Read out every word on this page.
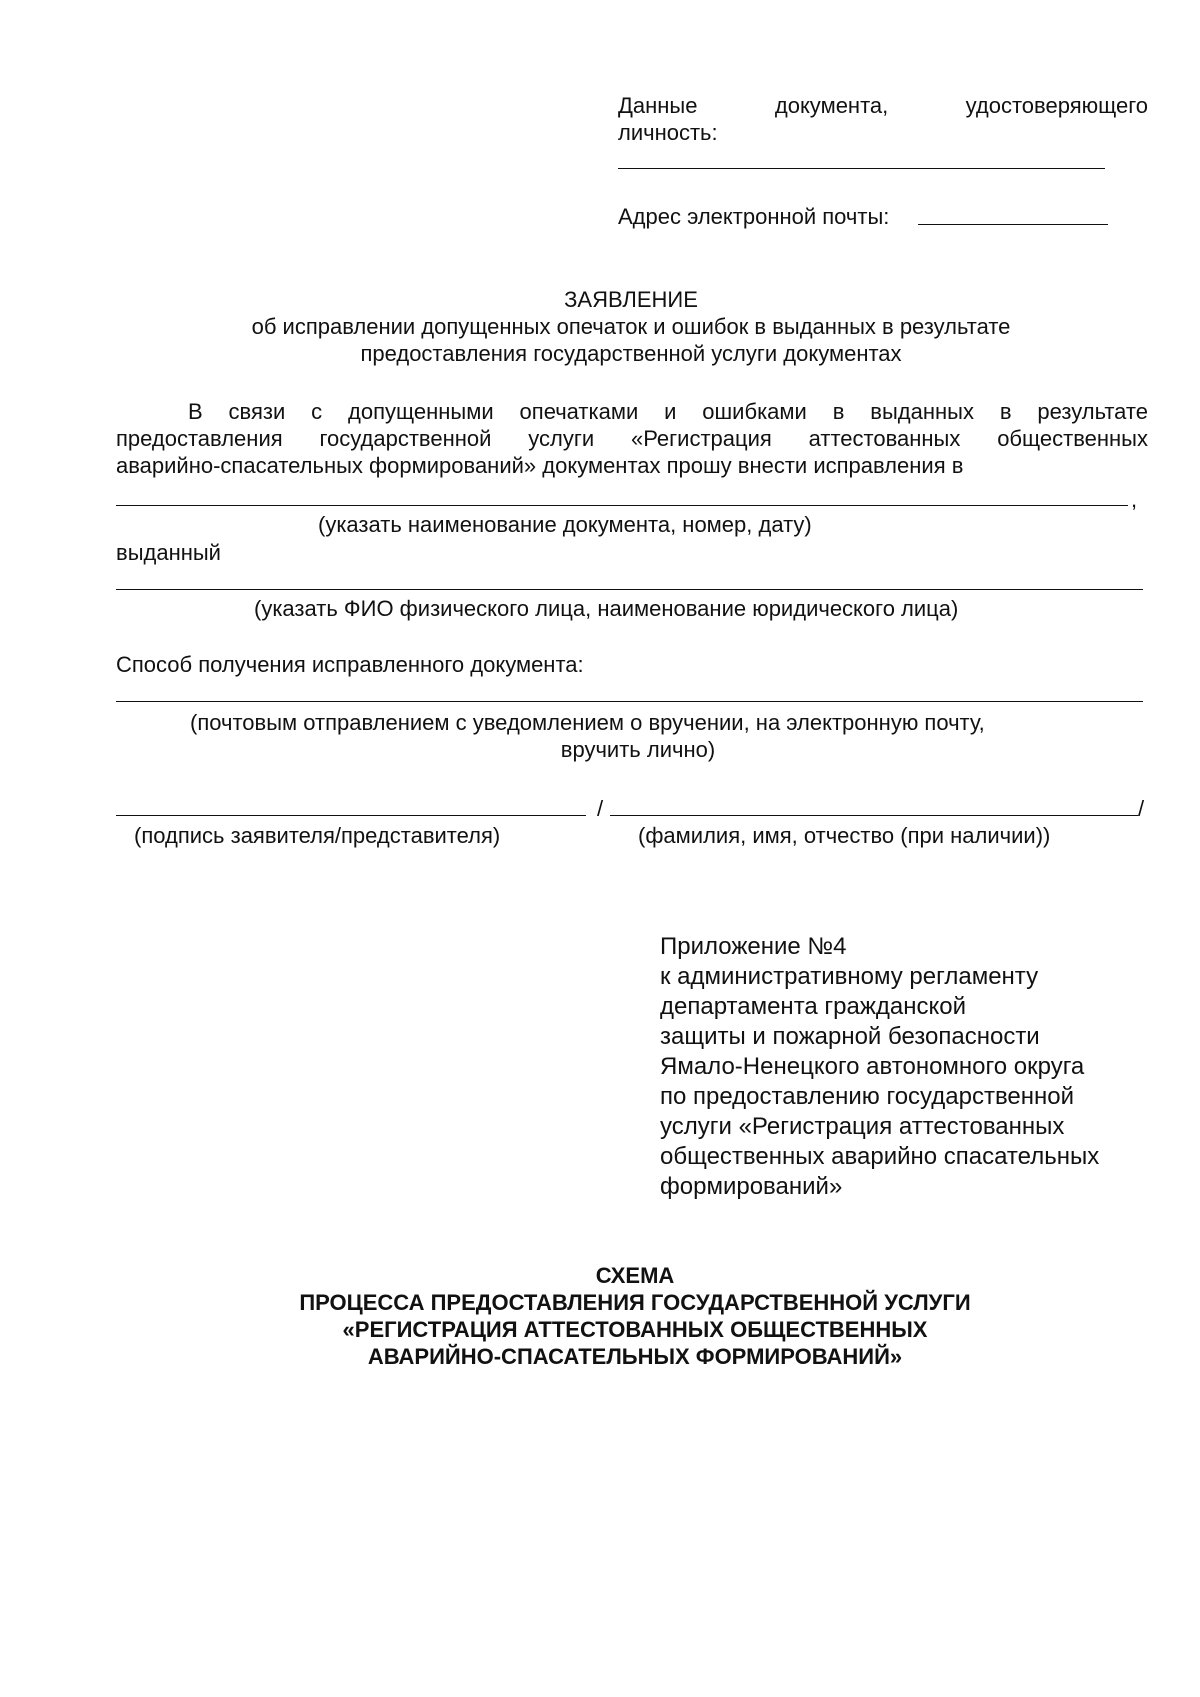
Данные документа, удостоверяющего
личность:
Адрес электронной почты:
ЗАЯВЛЕНИЕ
об исправлении допущенных опечаток и ошибок в выданных в результате
предоставления государственной услуги документах
В связи с допущенными опечатками и ошибками в выданных в результате
предоставления государственной услуги «Регистрация аттестованных общественных
аварийно-спасательных формирований» документах прошу внести исправления в
,
(указать наименование документа, номер, дату)
выданный
(указать ФИО физического лица, наименование юридического лица)
Способ получения исправленного документа:
(почтовым отправлением с уведомлением о вручении, на электронную почту,
вручить лично)
/	/
(подпись заявителя/представителя)	(фамилия, имя, отчество (при наличии))
Приложение №4
к административному регламенту
департамента гражданской
защиты и пожарной безопасности
Ямало-Ненецкого автономного округа
по предоставлению государственной
услуги «Регистрация аттестованных
общественных аварийно спасательных
формирований»
СХЕМА
ПРОЦЕССА ПРЕДОСТАВЛЕНИЯ ГОСУДАРСТВЕННОЙ УСЛУГИ
«РЕГИСТРАЦИЯ АТТЕСТОВАННЫХ ОБЩЕСТВЕННЫХ
АВАРИЙНО-СПАСАТЕЛЬНЫХ ФОРМИРОВАНИЙ»
